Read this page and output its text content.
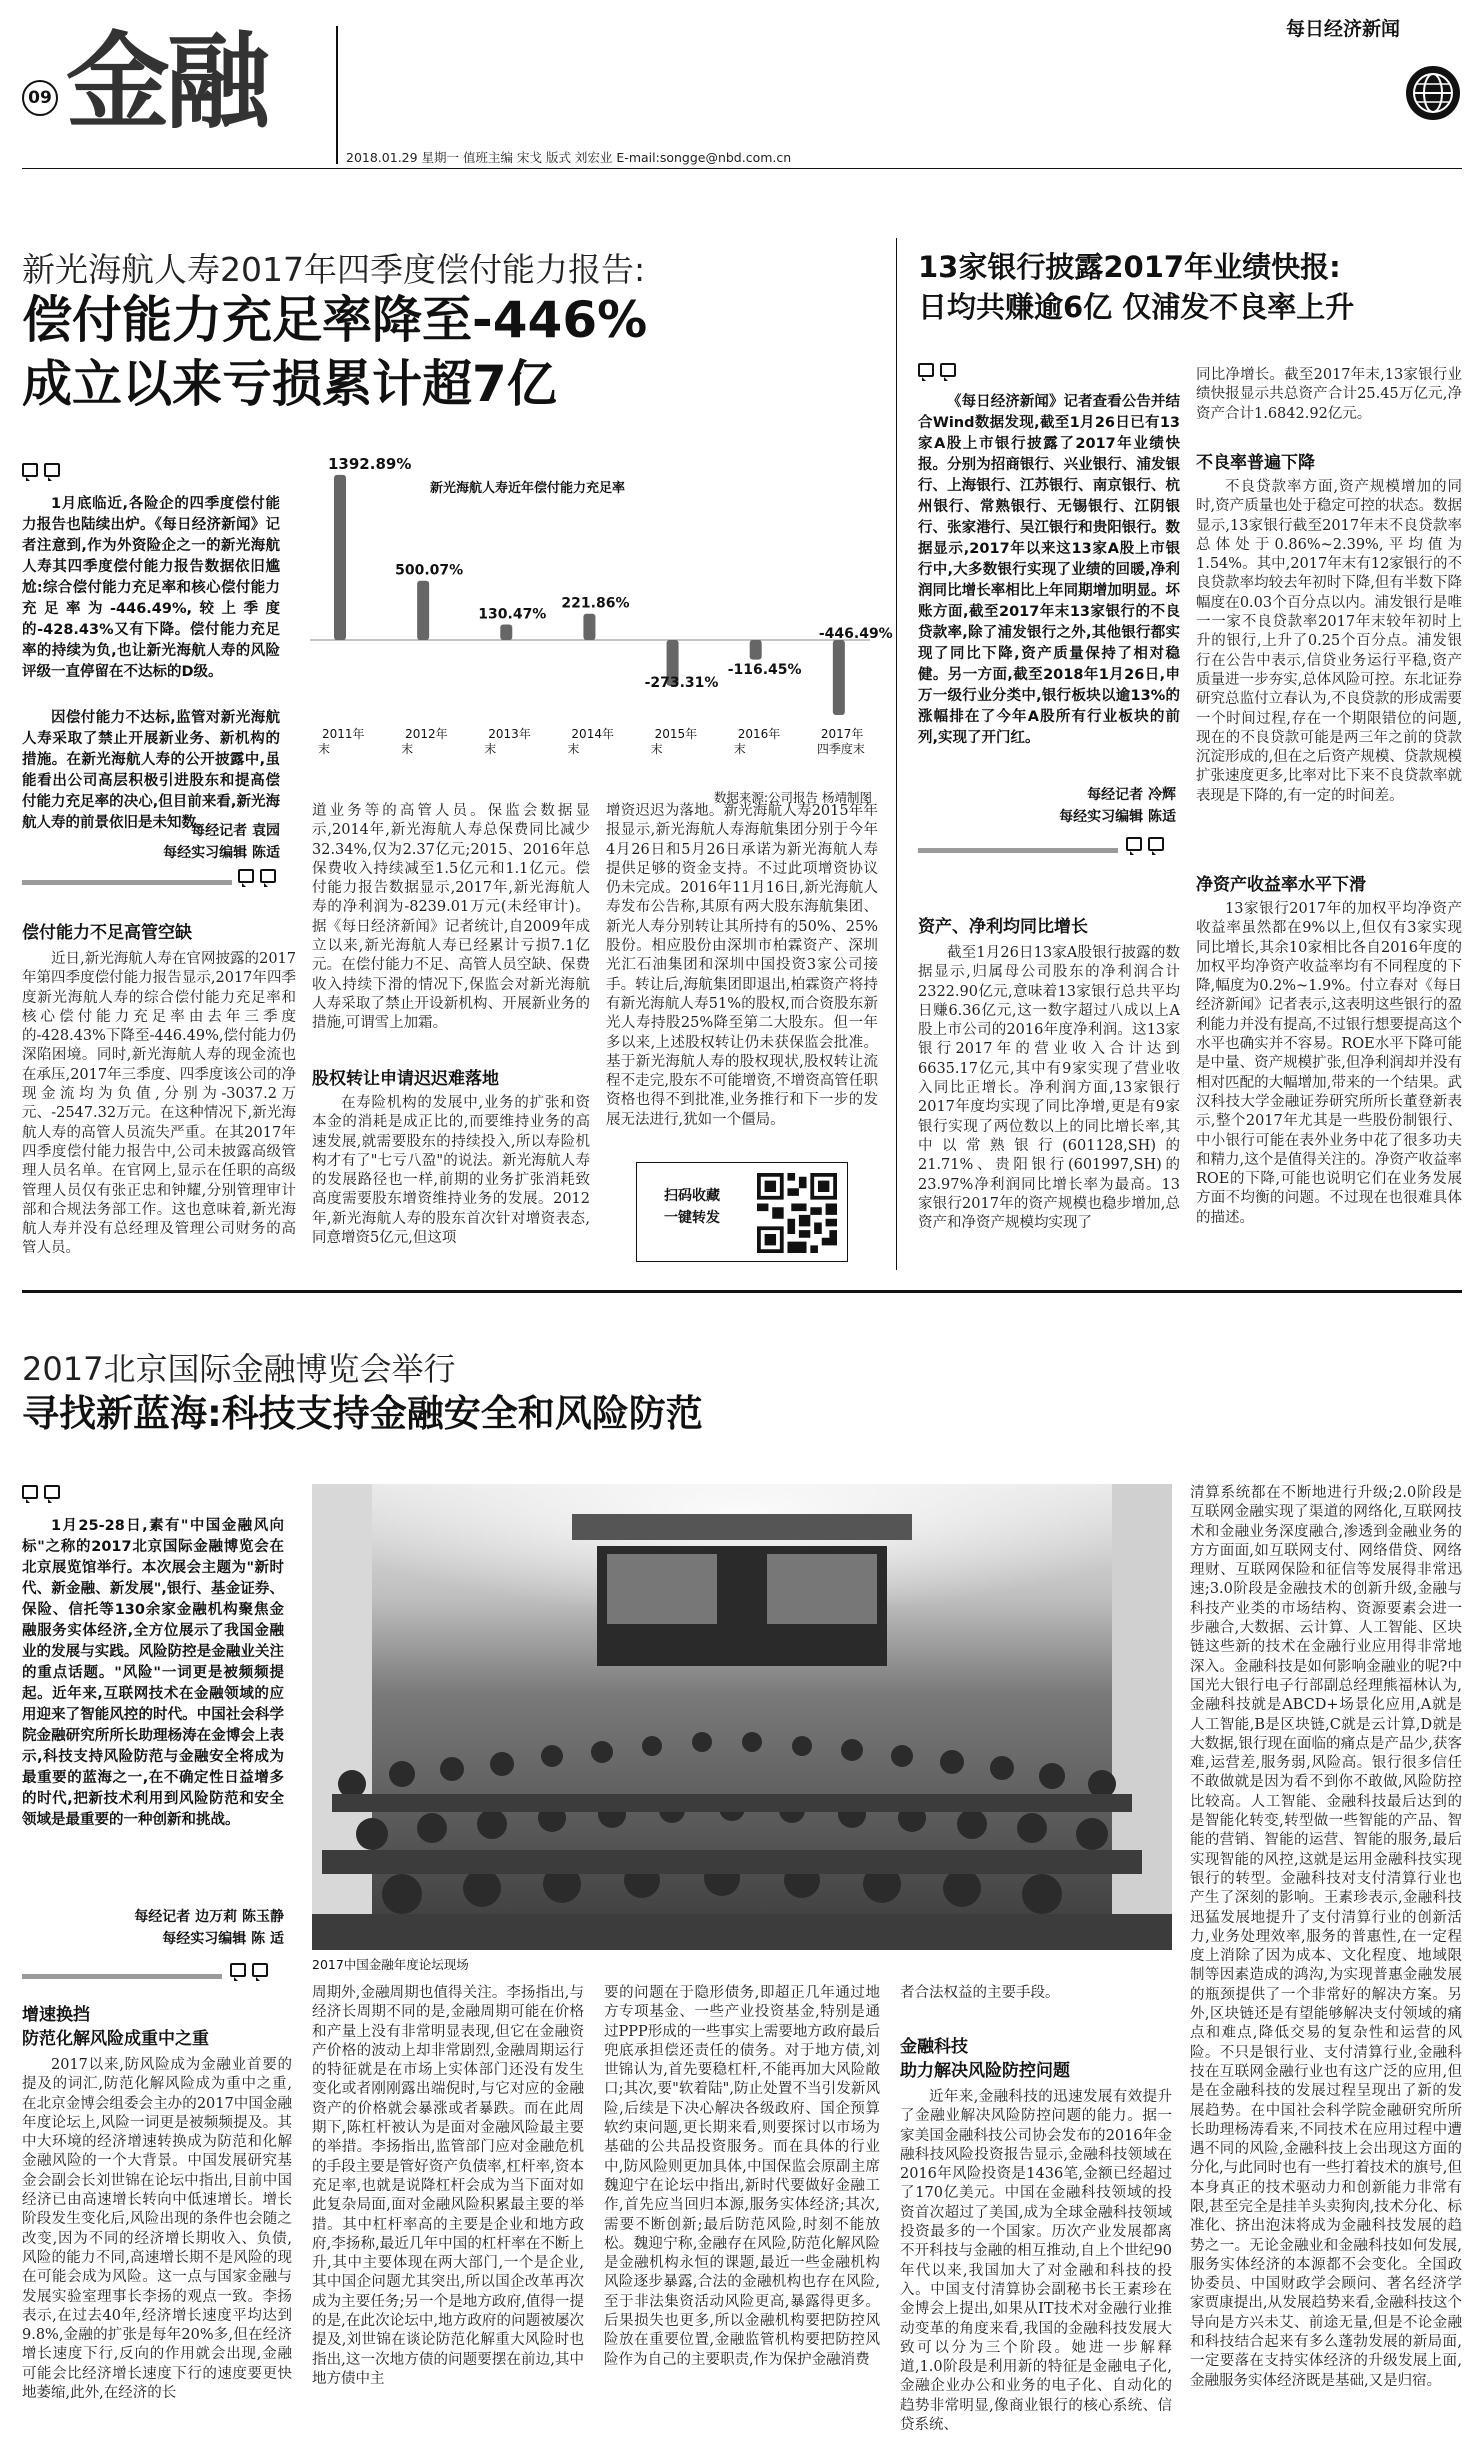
09 金融	每日经济新闻
2018.01.29 星期一 值班主编 宋戈 版式 刘宏业 E-mail:songge@nbd.com.cn
新光海航人寿2017年四季度偿付能力报告:
偿付能力充足率降至-446%
成立以来亏损累计超7亿
1月底临近,各险企的四季度偿付能力报告也陆续出炉。《每日经济新闻》记者注意到,作为外资险企之一的新光海航人寿其四季度偿付能力报告数据依旧尴尬:综合偿付能力充足率和核心偿付能力充足率为-446.49%,较上季度的-428.43%又有下降。偿付能力充足率的持续为负,也让新光海航人寿的风险评级一直停留在不达标的D级。
因偿付能力不达标,监管对新光海航人寿采取了禁止开展新业务、新机构的措施。在新光海航人寿的公开披露中,虽能看出公司高层积极引进股东和提高偿付能力充足率的决心,但目前来看,新光海航人寿的前景依旧是未知数。
每经记者 袁园
每经实习编辑 陈适
新光海航人寿近年偿付能力充足率
1392.89%
2011年末
500.07%
2012年末
130.47%
2013年末
221.86%
2014年末
-273.31%
2015年末
-116.45%
2016年末
-446.49%
2017年四季度末
数据来源:公司报告 杨靖制图
偿付能力不足高管空缺
近日,新光海航人寿在官网披露的2017年第四季度偿付能力报告显示,2017年四季度新光海航人寿的综合偿付能力充足率和核心偿付能力充足率由去年三季度的-428.43%下降至-446.49%,偿付能力仍深陷困境。同时,新光海航人寿的现金流也在承压,2017年三季度、四季度该公司的净现金流均为负值,分别为-3037.2万元、-2547.32万元。在这种情况下,新光海航人寿的高管人员流失严重。在其2017年四季度偿付能力报告中,公司未披露高级管理人员名单。在官网上,显示在任职的高级管理人员仅有张正忠和钟耀,分别管理审计部和合规法务部工作。这也意味着,新光海航人寿并没有总经理及管理公司财务的高管人员。
道业务等的高管人员。保监会数据显示,2014年,新光海航人寿总保费同比减少32.34%,仅为2.37亿元;2015、2016年总保费收入持续减至1.5亿元和1.1亿元。偿付能力报告数据显示,2017年,新光海航人寿的净利润为-8239.01万元(未经审计)。据《每日经济新闻》记者统计,自2009年成立以来,新光海航人寿已经累计亏损7.1亿元。在偿付能力不足、高管人员空缺、保费收入持续下滑的情况下,保监会对新光海航人寿采取了禁止开设新机构、开展新业务的措施,可谓雪上加霜。
股权转让申请迟迟难落地
在寿险机构的发展中,业务的扩张和资本金的消耗是成正比的,而要维持业务的高速发展,就需要股东的持续投入,所以寿险机构才有了"七亏八盈"的说法。新光海航人寿的发展路径也一样,前期的业务扩张消耗致高度需要股东增资维持业务的发展。2012年,新光海航人寿的股东首次针对增资表态,同意增资5亿元,但这项
增资迟迟为落地。新光海航人寿2015年年报显示,新光海航人寿海航集团分别于今年4月26日和5月26日承诺为新光海航人寿提供足够的资金支持。不过此项增资协议仍未完成。2016年11月16日,新光海航人寿发布公告称,其原有两大股东海航集团、新光人寿分别转让其所持有的50%、25%股份。相应股份由深圳市柏霖资产、深圳光汇石油集团和深圳中国投资3家公司接手。转让后,海航集团即退出,柏霖资产将持有新光海航人寿51%的股权,而合资股东新光人寿持股25%降至第二大股东。但一年多以来,上述股权转让仍未获保监会批准。基于新光海航人寿的股权现状,股权转让流程不走完,股东不可能增资,不增资高管任职资格也得不到批准,业务推行和下一步的发展无法进行,犹如一个僵局。
扫码收藏
一键转发
13家银行披露2017年业绩快报:
日均共赚逾6亿 仅浦发不良率上升
《每日经济新闻》记者查看公告并结合Wind数据发现,截至1月26日已有13家A股上市银行披露了2017年业绩快报。分别为招商银行、兴业银行、浦发银行、上海银行、江苏银行、南京银行、杭州银行、常熟银行、无锡银行、江阴银行、张家港行、吴江银行和贵阳银行。数据显示,2017年以来这13家A股上市银行中,大多数银行实现了业绩的回暖,净利润同比增长率相比上年同期增加明显。坏账方面,截至2017年末13家银行的不良贷款率,除了浦发银行之外,其他银行都实现了同比下降,资产质量保持了相对稳健。另一方面,截至2018年1月26日,申万一级行业分类中,银行板块以逾13%的涨幅排在了今年A股所有行业板块的前列,实现了开门红。
每经记者 冷辉
每经实习编辑 陈适
资产、净利均同比增长
截至1月26日13家A股银行披露的数据显示,归属母公司股东的净利润合计2322.90亿元,意味着13家银行总共平均日赚6.36亿元,这一数字超过八成以上A股上市公司的2016年度净利润。这13家银行2017年的营业收入合计达到6635.17亿元,其中有9家实现了营业收入同比正增长。净利润方面,13家银行2017年度均实现了同比净增,更是有9家银行实现了两位数以上的同比增长率,其中以常熟银行(601128,SH)的21.71%、贵阳银行(601997,SH)的23.97%净利润同比增长率为最高。13家银行2017年的资产规模也稳步增加,总资产和净资产规模均实现了
同比净增长。截至2017年末,13家银行业绩快报显示共总资产合计25.45万亿元,净资产合计1.6842.92亿元。
不良率普遍下降
不良贷款率方面,资产规模增加的同时,资产质量也处于稳定可控的状态。数据显示,13家银行截至2017年末不良贷款率总体处于0.86%~2.39%,平均值为1.54%。其中,2017年末有12家银行的不良贷款率均较去年初时下降,但有半数下降幅度在0.03个百分点以内。浦发银行是唯一一家不良贷款率2017年末较年初时上升的银行,上升了0.25个百分点。浦发银行在公告中表示,信贷业务运行平稳,资产质量进一步夯实,总体风险可控。东北证券研究总监付立春认为,不良贷款的形成需要一个时间过程,存在一个期限错位的问题,现在的不良贷款可能是两三年之前的贷款沉淀形成的,但在之后资产规模、贷款规模扩张速度更多,比率对比下来不良贷款率就表现是下降的,有一定的时间差。
净资产收益率水平下滑
13家银行2017年的加权平均净资产收益率虽然都在9%以上,但仅有3家实现同比增长,其余10家相比各自2016年度的加权平均净资产收益率均有不同程度的下降,幅度为0.2%~1.9%。付立春对《每日经济新闻》记者表示,这表明这些银行的盈利能力并没有提高,不过银行想要提高这个水平也确实并不容易。ROE水平下降可能是中量、资产规模扩张,但净利润却并没有相对匹配的大幅增加,带来的一个结果。武汉科技大学金融证券研究所所长董登新表示,整个2017年尤其是一些股份制银行、中小银行可能在表外业务中花了很多功夫和精力,这个是值得关注的。净资产收益率ROE的下降,可能也说明它们在业务发展方面不均衡的问题。不过现在也很难具体的描述。
2017北京国际金融博览会举行
寻找新蓝海:科技支持金融安全和风险防范
1月25-28日,素有"中国金融风向标"之称的2017北京国际金融博览会在北京展览馆举行。本次展会主题为"新时代、新金融、新发展",银行、基金证券、保险、信托等130余家金融机构聚焦金融服务实体经济,全方位展示了我国金融业的发展与实践。风险防控是金融业关注的重点话题。"风险"一词更是被频频提起。近年来,互联网技术在金融领域的应用迎来了智能风控的时代。中国社会科学院金融研究所所长助理杨涛在金博会上表示,科技支持风险防范与金融安全将成为最重要的蓝海之一,在不确定性日益增多的时代,把新技术利用到风险防范和安全领域是最重要的一种创新和挑战。
每经记者 边万莉 陈玉静
每经实习编辑 陈 适
2017中国金融年度论坛现场
增速换挡
防范化解风险成重中之重
2017以来,防风险成为金融业首要的提及的词汇,防范化解风险成为重中之重,在北京金博会组委会主办的2017中国金融年度论坛上,风险一词更是被频频提及。其中大环境的经济增速转换成为防范和化解金融风险的一个大背景。中国发展研究基金会副会长刘世锦在论坛中指出,目前中国经济已由高速增长转向中低速增长。增长阶段发生变化后,风险出现的条件也会随之改变,因为不同的经济增长期收入、负债,风险的能力不同,高速增长期不是风险的现在可能会成为风险。这一点与国家金融与发展实验室理事长李扬的观点一致。李扬表示,在过去40年,经济增长速度平均达到9.8%,金融的扩张是每年20%多,但在经济增长速度下行,反向的作用就会出现,金融可能会比经济增长速度下行的速度要更快地萎缩,此外,在经济的长
周期外,金融周期也值得关注。李扬指出,与经济长周期不同的是,金融周期可能在价格和产量上没有非常明显表现,但它在金融资产价格的波动上却非常剧烈,金融周期运行的特征就是在市场上实体部门还没有发生变化或者刚刚露出端倪时,与它对应的金融资产的价格就会暴涨或者暴跌。而在此周期下,陈杠杆被认为是面对金融风险最主要的举措。李扬指出,监管部门应对金融危机的手段主要是管好资产负债率,杠杆率,资本充足率,也就是说降杠杆会成为当下面对如此复杂局面,面对金融风险积累最主要的举措。其中杠杆率高的主要是企业和地方政府,李扬称,最近几年中国的杠杆率在不断上升,其中主要体现在两大部门,一个是企业,其中国企问题尤其突出,所以国企改革再次成为主要任务;另一个是地方政府,值得一提的是,在此次论坛中,地方政府的问题被屡次提及,刘世锦在谈论防范化解重大风险时也指出,这一次地方债的问题要摆在前边,其中地方债中主
要的问题在于隐形债务,即超正几年通过地方专项基金、一些产业投资基金,特别是通过PPP形成的一些事实上需要地方政府最后兜底承担偿还责任的债务。对于地方债,刘世锦认为,首先要稳杠杆,不能再加大风险敞口;其次,要"软着陆",防止处置不当引发新风险,后续是下决心解决各级政府、国企预算软约束问题,更长期来看,则要探讨以市场为基础的公共品投资服务。而在具体的行业中,防风险则更加具体,中国保监会原副主席魏迎宁在论坛中指出,新时代要做好金融工作,首先应当回归本源,服务实体经济;其次,需要不断创新;最后防范风险,时刻不能放松。魏迎宁称,金融存在风险,防范化解风险是金融机构永恒的课题,最近一些金融机构风险逐步暴露,合法的金融机构也存在风险,至于非法集资活动风险更高,暴露得更多。后果损失也更多,所以金融机构要把防控风险放在重要位置,金融监管机构要把防控风险作为自己的主要职责,作为保护金融消费
者合法权益的主要手段。
金融科技
助力解决风险防控问题
近年来,金融科技的迅速发展有效提升了金融业解决风险防控问题的能力。据一家美国金融科技公司协会发布的2016年金融科技风险投资报告显示,金融科技领域在2016年风险投资是1436笔,金额已经超过了170亿美元。中国在金融科技领域的投资首次超过了美国,成为全球金融科技领域投资最多的一个国家。历次产业发展都离不开科技与金融的相互推动,自上个世纪90年代以来,我国加大了对金融和科技的投入。中国支付清算协会副秘书长王素珍在金博会上提出,如果从IT技术对金融行业推动变革的角度来看,我国的金融科技发展大致可以分为三个阶段。她进一步解释道,1.0阶段是利用新的特征是金融电子化,金融企业办公和业务的电子化、自动化的趋势非常明显,像商业银行的核心系统、信贷系统、
清算系统都在不断地进行升级;2.0阶段是互联网金融实现了渠道的网络化,互联网技术和金融业务深度融合,渗透到金融业务的方方面面,如互联网支付、网络借贷、网络理财、互联网保险和征信等发展得非常迅速;3.0阶段是金融技术的创新升级,金融与科技产业类的市场结构、资源要素会进一步融合,大数据、云计算、人工智能、区块链这些新的技术在金融行业应用得非常地深入。金融科技是如何影响金融业的呢?中国光大银行电子行部副总经理熊福林认为,金融科技就是ABCD+场景化应用,A就是人工智能,B是区块链,C就是云计算,D就是大数据,银行现在面临的痛点是产品少,获客难,运营差,服务弱,风险高。银行很多信任不敢做就是因为看不到你不敢做,风险防控比较高。人工智能、金融科技最后达到的是智能化转变,转型做一些智能的产品、智能的营销、智能的运营、智能的服务,最后实现智能的风控,这就是运用金融科技实现银行的转型。金融科技对支付清算行业也产生了深刻的影响。王素珍表示,金融科技迅猛发展地提升了支付清算行业的创新活力,业务处理效率,服务的普惠性,在一定程度上消除了因为成本、文化程度、地域限制等因素造成的鸿沟,为实现普惠金融发展的瓶颈提供了一个非常好的解决方案。另外,区块链还是有望能够解决支付领域的痛点和难点,降低交易的复杂性和运营的风险。不只是银行业、支付清算行业,金融科技在互联网金融行业也有这广泛的应用,但是在金融科技的发展过程呈现出了新的发展趋势。在中国社会科学院金融研究所所长助理杨涛看来,不同技术在应用过程中遭遇不同的风险,金融科技上会出现这方面的分化,与此同时也有一些打着技术的旗号,但本身真正的技术驱动力和创新能力非常有限,甚至完全是挂羊头卖狗肉,技术分化、标准化、挤出泡沫将成为金融科技发展的趋势之一。无论金融业和金融科技如何发展,服务实体经济的本源都不会变化。全国政协委员、中国财政学会顾问、著名经济学家贾康提出,从发展趋势来看,金融科技这个导向是方兴未艾、前途无量,但是不论金融和科技结合起来有多么蓬勃发展的新局面,一定要落在支持实体经济的升级发展上面,金融服务实体经济既是基础,又是归宿。
